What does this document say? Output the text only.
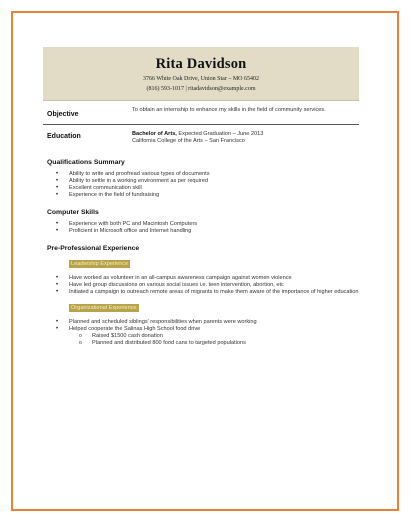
Rita Davidson
3766 White Oak Drive, Union Star – MO 65402
(816) 593-1017 | ritadavidson@example.com
Objective
To obtain an internship to enhance my skills in the field of community services.
Education	Bachelor of Arts, Expected Graduation – June 2013
California College of the Arts – San Francisco
Qualifications Summary
• Ability to write and proofread various types of documents
• Ability to settle in a working environment as per required
• Excellent communication skill
• Experience in the field of fundraising
Computer Skills
• Experience with both PC and Macintosh Computers
• Proficient in Microsoft office and Internet handling
Pre-Professional Experience
Leadership Experience
• Have worked as volunteer in an all-campus awareness campaign against women violence
• Have led group discussions on various social issues i.e. teen intervention, abortion, etc
• Initiated a campaign to outreach remote areas of migrants to make them aware of the importance of higher education
Organizational Experience
• Planned and scheduled siblings' responsibilities when parents were working
• Helped cooperate the Salinas High School food drive
o Raised $1500 cash donation
o Planned and distributed 800 food cans to targeted populations
